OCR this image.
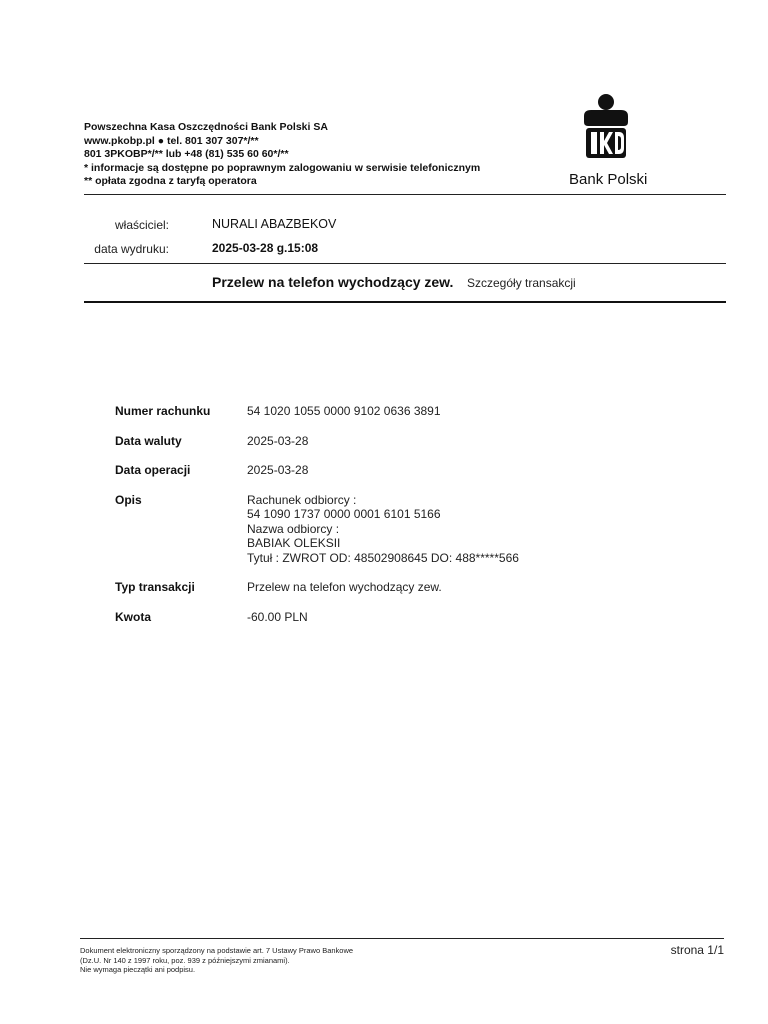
Powszechna Kasa Oszczędności Bank Polski SA
www.pkobp.pl ● tel. 801 307 307*/**
801 3PKOBP*/** lub +48 (81) 535 60 60*/**
* informacje są dostępne po poprawnym zalogowaniu w serwisie telefonicznym
** opłata zgodna z taryfą operatora	Bank Polski
właściciel:	NURALI ABAZBEKOV
data wydruku:	2025-03-28 g.15:08
Przelew na telefon wychodzący zew. Szczegóły transakcji
Numer rachunku	54 1020 1055 0000 9102 0636 3891
Data waluty	2025-03-28
Data operacji	2025-03-28
Opis	Rachunek odbiorcy :
54 1090 1737 0000 0001 6101 5166
Nazwa odbiorcy :
BABIAK OLEKSII
Tytuł : ZWROT OD: 48502908645 DO: 488*****566
Typ transakcji	Przelew na telefon wychodzący zew.
Kwota	-60.00 PLN
Dokument elektroniczny sporządzony na podstawie art. 7 Ustawy Prawo Bankowe
(Dz.U. Nr 140 z 1997 roku, poz. 939 z późniejszymi zmianami).
Nie wymaga pieczątki ani podpisu.
strona 1/1
